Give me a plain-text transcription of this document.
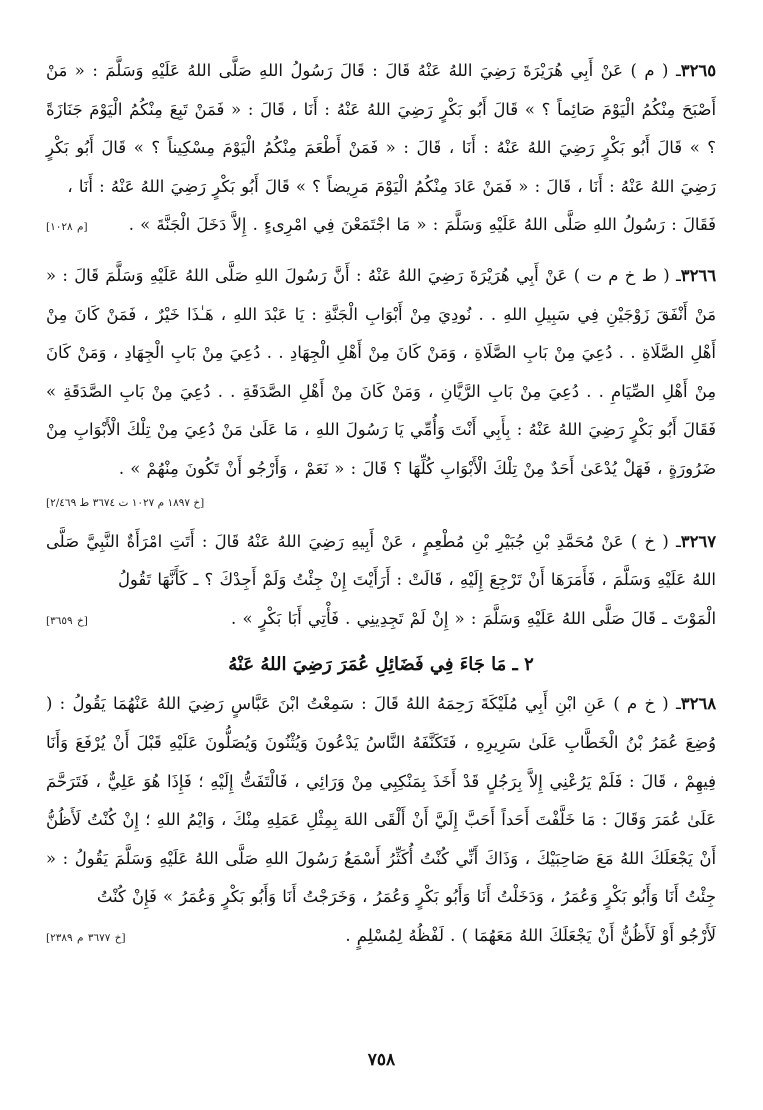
٣٢٦٥ـ ( م ) عَنْ أَبِي هُرَيْرَةَ رَضِيَ اللهُ عَنْهُ قَالَ : قَالَ رَسُولُ اللهِ صَلَّى اللهُ عَلَيْهِ وَسَلَّمَ : « مَنْ أَصْبَحَ مِنْكُمُ الْيَوْمَ صَائِماً ؟ » قَالَ أَبُو بَكْرٍ رَضِيَ اللهُ عَنْهُ : أَنَا ، قَالَ : « فَمَنْ تَبِعَ مِنْكُمُ الْيَوْمَ جَنَازَةً ؟ » قَالَ أَبُو بَكْرٍ رَضِيَ اللهُ عَنْهُ : أَنَا ، قَالَ : « فَمَنْ أَطْعَمَ مِنْكُمُ الْيَوْمَ مِسْكِيناً ؟ » قَالَ أَبُو بَكْرٍ رَضِيَ اللهُ عَنْهُ : أَنَا ، قَالَ : « فَمَنْ عَادَ مِنْكُمُ الْيَوْمَ مَرِيضاً ؟ » قَالَ أَبُو بَكْرٍ رَضِيَ اللهُ عَنْهُ : أَنَا ،

فَقَالَ : رَسُولُ اللهِ صَلَّى اللهُ عَلَيْهِ وَسَلَّمَ : « مَا اجْتَمَعْنَ فِي امْرِىءٍ . إِلاَّ دَخَلَ الْجَنَّةَ » .
[م ١٠٢٨]

٣٢٦٦ـ ( ط خ م ت ) عَنْ أَبِي هُرَيْرَةَ رَضِيَ اللهُ عَنْهُ : أَنَّ رَسُولَ اللهِ صَلَّى اللهُ عَلَيْهِ وَسَلَّمَ قَالَ : « مَنْ أَنْفَقَ زَوْجَيْنِ فِي سَبِيلِ اللهِ . . نُودِيَ مِنْ أَبْوَابِ الْجَنَّةِ : يَا عَبْدَ اللهِ ، هَـٰذَا خَيْرٌ ، فَمَنْ كَانَ مِنْ أَهْلِ الصَّلَاةِ . . دُعِيَ مِنْ بَابِ الصَّلَاةِ ، وَمَنْ كَانَ مِنْ أَهْلِ الْجِهَادِ . . دُعِيَ مِنْ بَابِ الْجِهَادِ ، وَمَنْ كَانَ مِنْ أَهْلِ الصِّيَامِ . . دُعِيَ مِنْ بَابِ الرَّيَّانِ ، وَمَنْ كَانَ مِنْ أَهْلِ الصَّدَقَةِ . . دُعِيَ مِنْ بَابِ الصَّدَقَةِ » فَقَالَ أَبُو بَكْرٍ رَضِيَ اللهُ عَنْهُ : بِأَبِي أَنْتَ وَأُمِّي يَا رَسُولَ اللهِ ، مَا عَلَىٰ مَنْ دُعِيَ مِنْ تِلْكَ الْأَبْوَابِ مِنْ ضَرُورَةٍ ، فَهَلْ يُدْعَىٰ أَحَدٌ مِنْ تِلْكَ الْأَبْوَابِ كُلِّهَا ؟ قَالَ : « نَعَمْ ، وَأَرْجُو أَنْ تَكُونَ مِنْهُمْ » .

[خ ١٨٩٧ م ١٠٢٧ ت ٣٦٧٤ ط ٢/٤٦٩]

٣٢٦٧ـ ( خ ) عَنْ مُحَمَّدِ بْنِ جُبَيْرِ بْنِ مُطْعِمٍ ، عَنْ أَبِيهِ رَضِيَ اللهُ عَنْهُ قَالَ : أَتَتِ امْرَأَةٌ النَّبِيَّ صَلَّى اللهُ عَلَيْهِ وَسَلَّمَ ، فَأَمَرَهَا أَنْ تَرْجِعَ إِلَيْهِ ، قَالَتْ : أَرَأَيْتَ إِنْ جِئْتُ وَلَمْ أَجِدْكَ ؟ ـ كَأَنَّهَا تَقُولُ

الْمَوْتَ ـ قَالَ صَلَّى اللهُ عَلَيْهِ وَسَلَّمَ : « إِنْ لَمْ تَجِدِينِي . فَأْتِي أَبَا بَكْرٍ » .
[خ ٣٦٥٩]
٢ ـ مَا جَاءَ فِي فَضَائِلِ عُمَرَ رَضِيَ اللهُ عَنْهُ

٣٢٦٨ـ ( خ م ) عَنِ ابْنِ أَبِي مُلَيْكَةَ رَحِمَهُ اللهُ قَالَ : سَمِعْتُ ابْنَ عَبَّاسٍ رَضِيَ اللهُ عَنْهُمَا يَقُولُ : ( وُضِعَ عُمَرُ بْنُ الْخَطَّابِ عَلَىٰ سَرِيرِهِ ، فَتَكَنَّفَهُ النَّاسُ يَدْعُونَ وَيُثْنُونَ وَيُصَلُّونَ عَلَيْهِ قَبْلَ أَنْ يُرْفَعَ وَأَنَا فِيهِمْ ، قَالَ : فَلَمْ يَرُعْنِي إِلاَّ بِرَجُلٍ قَدْ أَخَذَ بِمَنْكِبِي مِنْ وَرَائِي ، فَالْتَفَتُّ إِلَيْهِ ؛ فَإِذَا هُوَ عَلِيٌّ ، فَتَرَحَّمَ عَلَىٰ عُمَرَ وَقَالَ : مَا خَلَّفْتَ أَحَداً أَحَبَّ إِلَيَّ أَنْ أَلْقَى اللهَ بِمِثْلِ عَمَلِهِ مِنْكَ ، وَايْمُ اللهِ ؛ إِنْ كُنْتُ لَأَظُنُّ أَنْ يَجْعَلَكَ اللهُ مَعَ صَاحِبَيْكَ ، وَذَاكَ أَنِّي كُنْتُ أُكَثِّرُ أَسْمَعُ رَسُولَ اللهِ صَلَّى اللهُ عَلَيْهِ وَسَلَّمَ يَقُولُ : « جِئْتُ أَنَا وَأَبُو بَكْرٍ وَعُمَرُ ، وَدَخَلْتُ أَنَا وَأَبُو بَكْرٍ وَعُمَرُ ، وَخَرَجْتُ أَنَا وَأَبُو بَكْرٍ وَعُمَرُ » فَإِنْ كُنْتُ

لَأَرْجُو أَوْ لَأَظُنُّ أَنْ يَجْعَلَكَ اللهُ مَعَهُمَا ) . لَفْظُهُ لِمُسْلِمٍ .
[خ ٣٦٧٧ م ٢٣٨٩]
٧٥٨
